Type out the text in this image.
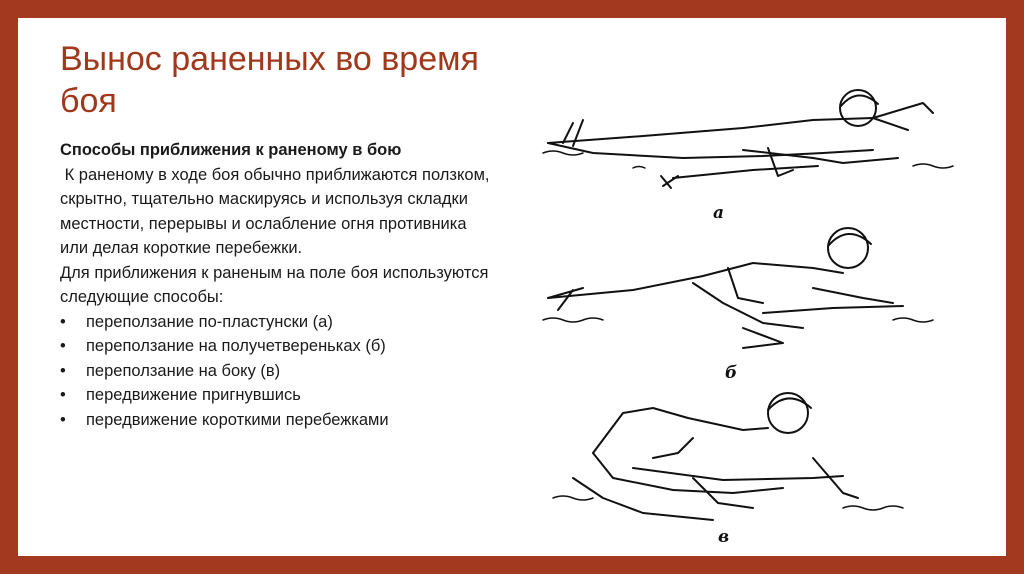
Вынос раненных во время боя
Способы приближения к раненому в бою
К раненому в ходе боя обычно приближаются ползком, скрытно, тщательно маскируясь и используя складки местности, перерывы и ослабление огня противника или делая короткие перебежки.
Для приближения к раненым на поле боя используются следующие способы:
• переползание по-пластунски (а)
• переползание на получетвереньках (б)
• переползание на боку (в)
• передвижение пригнувшись
• передвижение короткими перебежками
а
б
в
